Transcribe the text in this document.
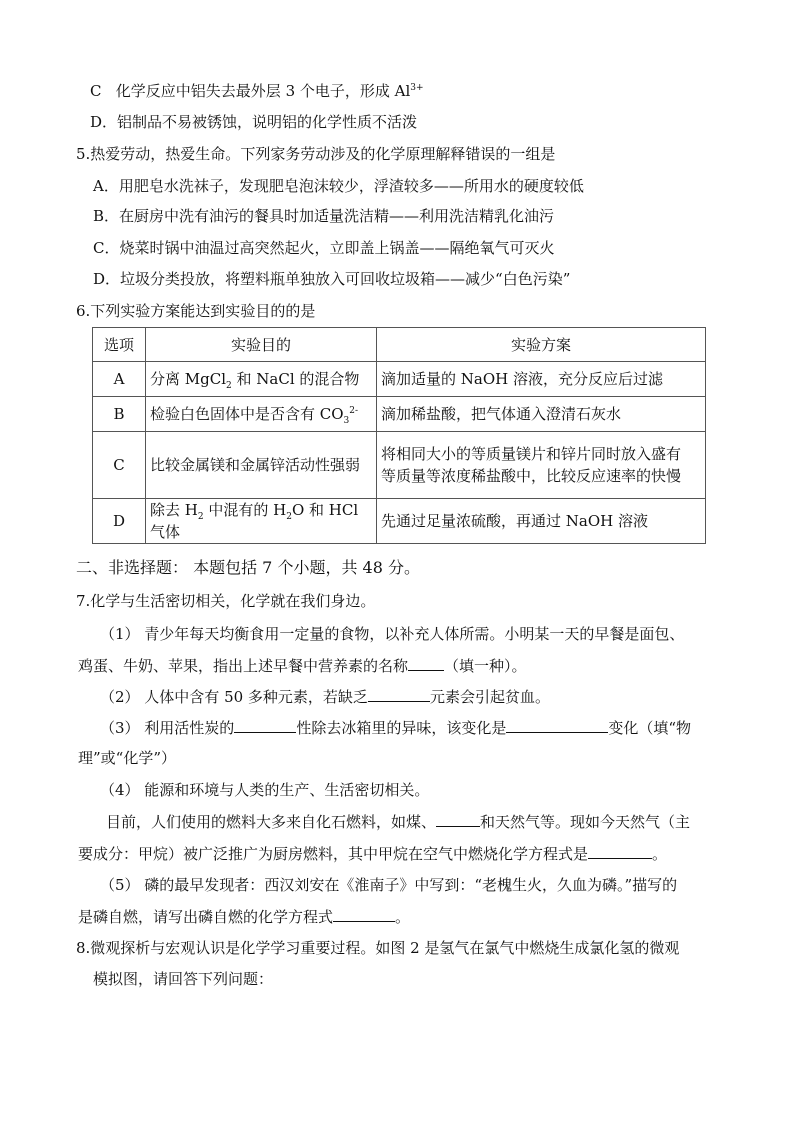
C 化学反应中铝失去最外层 3 个电子，形成 $Al^{3+}$
D．铝制品不易被锈蚀，说明铝的化学性质不活泼
5.热爱劳动，热爱生命。下列家务劳动涉及的化学原理解释错误的一组是
A．用肥皂水洗袜子，发现肥皂泡沫较少，浮渣较多——所用水的硬度较低
B．在厨房中洗有油污的餐具时加适量洗洁精——利用洗洁精乳化油污
C．烧菜时锅中油温过高突然起火，立即盖上锅盖——隔绝氧气可灭火
D．垃圾分类投放，将塑料瓶单独放入可回收垃圾箱——减少“白色污染”
6.下列实验方案能达到实验目的的是
选项	实验目的	实验方案
A	分离 MgCl$_2$ 和 NaCl 的混合物	滴加适量的 NaOH 溶液，充分反应后过滤
B	检验白色固体中是否含有 $CO_3^{2-}$	滴加稀盐酸，把气体通入澄清石灰水
C	比较金属镁和金属锌活动性强弱	将相同大小的等质量镁片和锌片同时放入盛有
等质量等浓度稀盐酸中，比较反应速率的快慢

D	除去 $H_2$ 中混有的 $H_2O$ 和 HCl 气体	先通过足量浓硫酸，再通过 NaOH 溶液
二、非选择题： 本题包括 7 个小题，共 48 分。
7.化学与生活密切相关，化学就在我们身边。
（1） 青少年每天均衡食用一定量的食物，以补充人体所需。小明某一天的早餐是面包、
鸡蛋、牛奶、苹果，指出上述早餐中营养素的名称 （填一种）。
（2） 人体中含有 50 多种元素，若缺乏	元素会引起贫血。
（3） 利用活性炭的	性除去冰箱里的异味，该变化是	变化（填“物
理”或“化学”）
（4） 能源和环境与人类的生产、生活密切相关。
目前，人们使用的燃料大多来自化石燃料，如煤、	和天然气等。现如今天然气（主
要成分：甲烷）被广泛推广为厨房燃料，其中甲烷在空气中燃烧化学方程式是	。
（5） 磷的最早发现者：西汉刘安在《淮南子》中写到：“老槐生火，久血为磷。”描写的
是磷自燃，请写出磷自燃的化学方程式	。
8.微观探析与宏观认识是化学学习重要过程。如图 2 是氢气在氯气中燃烧生成氯化氢的微观
模拟图，请回答下列问题：
